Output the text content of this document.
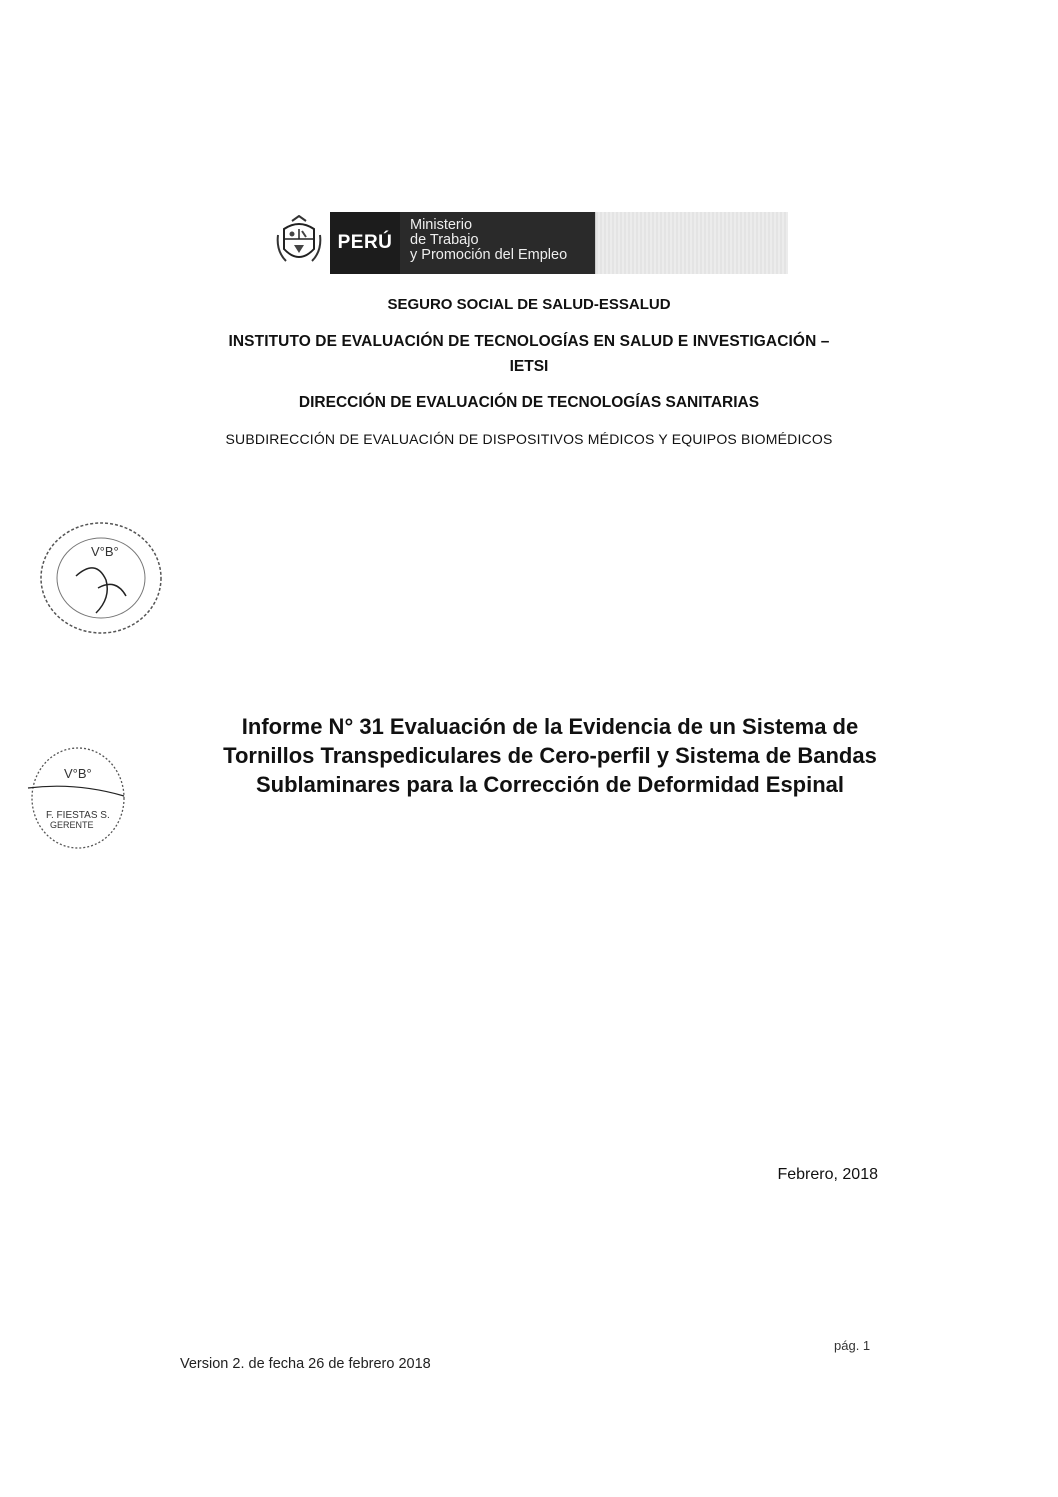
PERÚ
Ministerio
de Trabajo
y Promoción del Empleo
SEGURO SOCIAL DE SALUD-ESSALUD
INSTITUTO DE EVALUACIÓN DE TECNOLOGÍAS EN SALUD E INVESTIGACIÓN –
IETSI
DIRECCIÓN DE EVALUACIÓN DE TECNOLOGÍAS SANITARIAS
SUBDIRECCIÓN DE EVALUACIÓN DE DISPOSITIVOS MÉDICOS Y EQUIPOS BIOMÉDICOS
V°B°
V°B°
F. FIESTAS S.
GERENTE
Informe N° 31 Evaluación de la Evidencia de un Sistema de
Tornillos Transpediculares de Cero-perfil y Sistema de Bandas
Sublaminares para la Corrección de Deformidad Espinal
Febrero, 2018
pág. 1
Version 2. de fecha 26 de febrero 2018
